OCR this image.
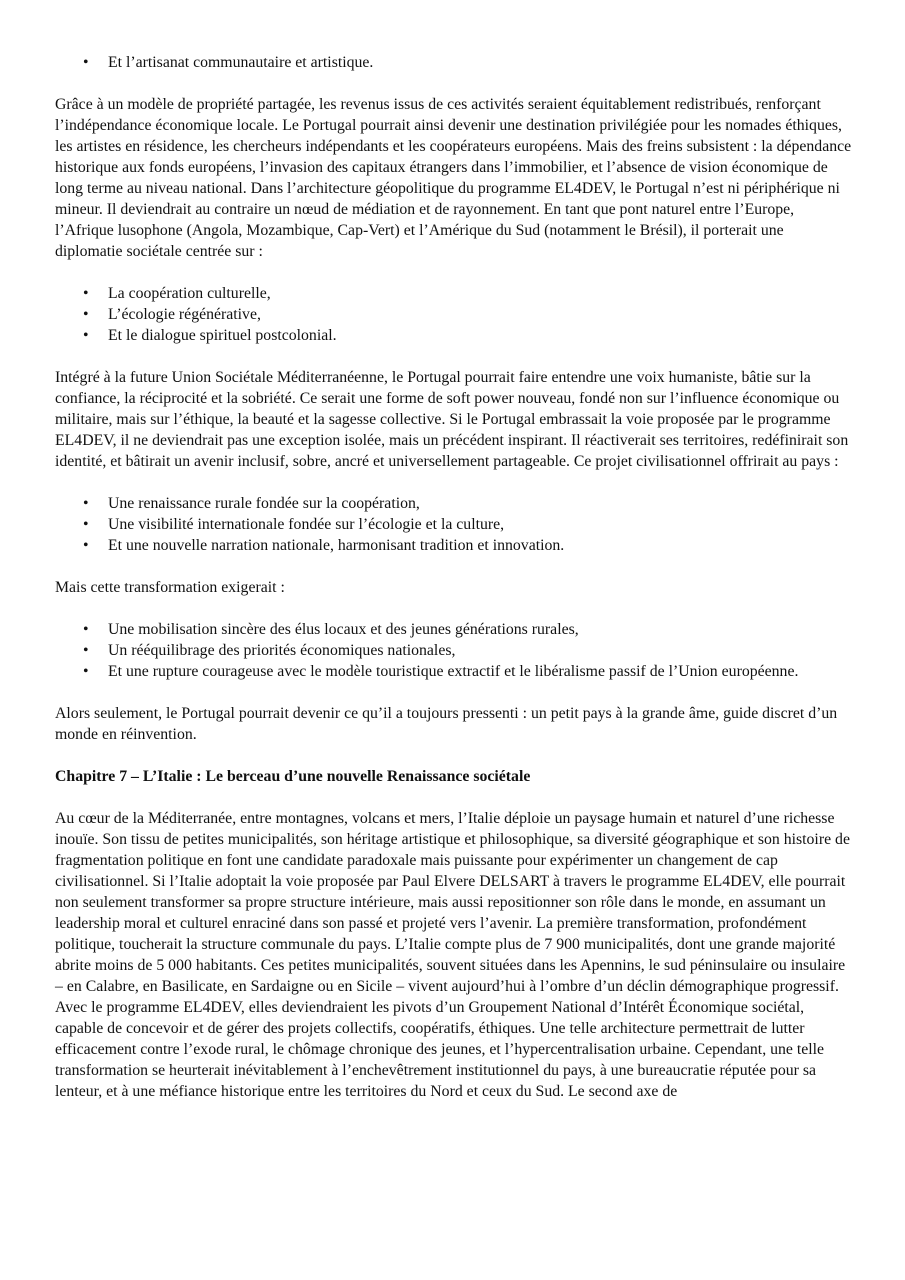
• Et l’artisanat communautaire et artistique.

Grâce à un modèle de propriété partagée, les revenus issus de ces activités seraient équitablement redistribués, renforçant l’indépendance économique locale. Le Portugal pourrait ainsi devenir une destination privilégiée pour les nomades éthiques, les artistes en résidence, les chercheurs indépendants et les coopérateurs européens. Mais des freins subsistent : la dépendance historique aux fonds européens, l’invasion des capitaux étrangers dans l’immobilier, et l’absence de vision économique de long terme au niveau national. Dans l’architecture géopolitique du programme EL4DEV, le Portugal n’est ni périphérique ni mineur. Il deviendrait au contraire un nœud de médiation et de rayonnement. En tant que pont naturel entre l’Europe, l’Afrique lusophone (Angola, Mozambique, Cap-Vert) et l’Amérique du Sud (notamment le Brésil), il porterait une diplomatie sociétale centrée sur :

• La coopération culturelle,
• L’écologie régénérative,
• Et le dialogue spirituel postcolonial.

Intégré à la future Union Sociétale Méditerranéenne, le Portugal pourrait faire entendre une voix humaniste, bâtie sur la confiance, la réciprocité et la sobriété. Ce serait une forme de soft power nouveau, fondé non sur l’influence économique ou militaire, mais sur l’éthique, la beauté et la sagesse collective. Si le Portugal embrassait la voie proposée par le programme EL4DEV, il ne deviendrait pas une exception isolée, mais un précédent inspirant. Il réactiverait ses territoires, redéfinirait son identité, et bâtirait un avenir inclusif, sobre, ancré et universellement partageable. Ce projet civilisationnel offrirait au pays :

• Une renaissance rurale fondée sur la coopération,
• Une visibilité internationale fondée sur l’écologie et la culture,
• Et une nouvelle narration nationale, harmonisant tradition et innovation.

Mais cette transformation exigerait :

• Une mobilisation sincère des élus locaux et des jeunes générations rurales,
• Un rééquilibrage des priorités économiques nationales,
• Et une rupture courageuse avec le modèle touristique extractif et le libéralisme passif de l’Union européenne.

Alors seulement, le Portugal pourrait devenir ce qu’il a toujours pressenti : un petit pays à la grande âme, guide discret d’un monde en réinvention.

Chapitre 7 – L’Italie : Le berceau d’une nouvelle Renaissance sociétale

Au cœur de la Méditerranée, entre montagnes, volcans et mers, l’Italie déploie un paysage humain et naturel d’une richesse inouïe. Son tissu de petites municipalités, son héritage artistique et philosophique, sa diversité géographique et son histoire de fragmentation politique en font une candidate paradoxale mais puissante pour expérimenter un changement de cap civilisationnel. Si l’Italie adoptait la voie proposée par Paul Elvere DELSART à travers le programme EL4DEV, elle pourrait non seulement transformer sa propre structure intérieure, mais aussi repositionner son rôle dans le monde, en assumant un leadership moral et culturel enraciné dans son passé et projeté vers l’avenir. La première transformation, profondément politique, toucherait la structure communale du pays. L’Italie compte plus de 7 900 municipalités, dont une grande majorité abrite moins de 5 000 habitants. Ces petites municipalités, souvent situées dans les Apennins, le sud péninsulaire ou insulaire – en Calabre, en Basilicate, en Sardaigne ou en Sicile – vivent aujourd’hui à l’ombre d’un déclin démographique progressif. Avec le programme EL4DEV, elles deviendraient les pivots d’un Groupement National d’Intérêt Économique sociétal, capable de concevoir et de gérer des projets collectifs, coopératifs, éthiques. Une telle architecture permettrait de lutter efficacement contre l’exode rural, le chômage chronique des jeunes, et l’hypercentralisation urbaine. Cependant, une telle transformation se heurterait inévitablement à l’enchevêtrement institutionnel du pays, à une bureaucratie réputée pour sa lenteur, et à une méfiance historique entre les territoires du Nord et ceux du Sud. Le second axe de
